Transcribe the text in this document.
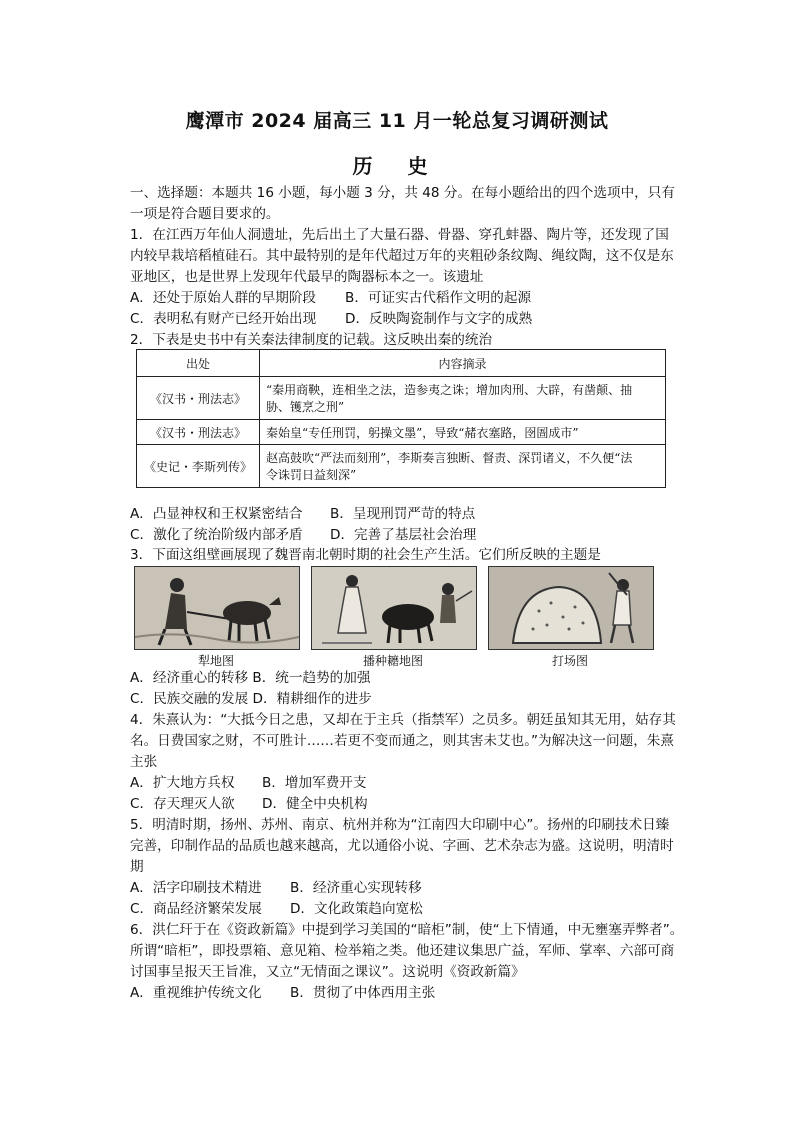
鹰潭市 2024 届高三 11 月一轮总复习调研测试
历 史
一、选择题：本题共 16 小题，每小题 3 分，共 48 分。在每小题给出的四个选项中，只有
一项是符合题目要求的。
1．在江西万年仙人洞遗址，先后出土了大量石器、骨器、穿孔蚌器、陶片等，还发现了国
内较早栽培稻植硅石。其中最特别的是年代超过万年的夹粗砂条纹陶、绳纹陶，这不仅是东
亚地区，也是世界上发现年代最早的陶器标本之一。该遗址
A．还处于原始人群的早期阶段 B．可证实古代稻作文明的起源
C．表明私有财产已经开始出现 D．反映陶瓷制作与文字的成熟
2．下表是史书中有关秦法律制度的记载。这反映出秦的统治
出处	内容摘录
《汉书・刑法志》	“秦用商鞅，连相坐之法，造参夷之诛；增加肉刑、大辟，有凿颠、抽
胁、镬烹之刑”

《汉书・刑法志》	秦始皇“专任刑罚，躬操文墨”，导致“赭衣塞路，囹圄成市”
《史记・李斯列传》	赵高鼓吹“严法而刻刑”，李斯奏言独断、督责、深罚诸义，不久便“法
令诛罚日益刻深”
A．凸显神权和王权紧密结合 B．呈现刑罚严苛的特点
C．激化了统治阶级内部矛盾 D．完善了基层社会治理
3．下面这组壁画展现了魏晋南北朝时期的社会生产生活。它们所反映的主题是
犁地图	播种耱地图	打场图
A．经济重心的转移 B．统一趋势的加强
C．民族交融的发展 D．精耕细作的进步
4．朱熹认为：“大抵今日之患，又却在于主兵（指禁军）之员多。朝廷虽知其无用，姑存其
名。日费国家之财，不可胜计……若更不变而通之，则其害未艾也。”为解决这一问题，朱熹
主张
A．扩大地方兵权 B．增加军费开支
C．存天理灭人欲 D．健全中央机构
5．明清时期，扬州、苏州、南京、杭州并称为“江南四大印刷中心”。扬州的印刷技术日臻
完善，印制作品的品质也越来越高，尤以通俗小说、字画、艺术杂志为盛。这说明，明清时
期
A．活字印刷技术精进 B．经济重心实现转移
C．商品经济繁荣发展 D．文化政策趋向宽松
6．洪仁玕于在《资政新篇》中提到学习美国的“暗柜”制，使“上下情通，中无壅塞弄弊者”。
所谓“暗柜”，即投票箱、意见箱、检举箱之类。他还建议集思广益，军师、掌率、六部可商
讨国事呈报天王旨准，又立“无情面之课议”。这说明《资政新篇》
A．重视维护传统文化 B．贯彻了中体西用主张
